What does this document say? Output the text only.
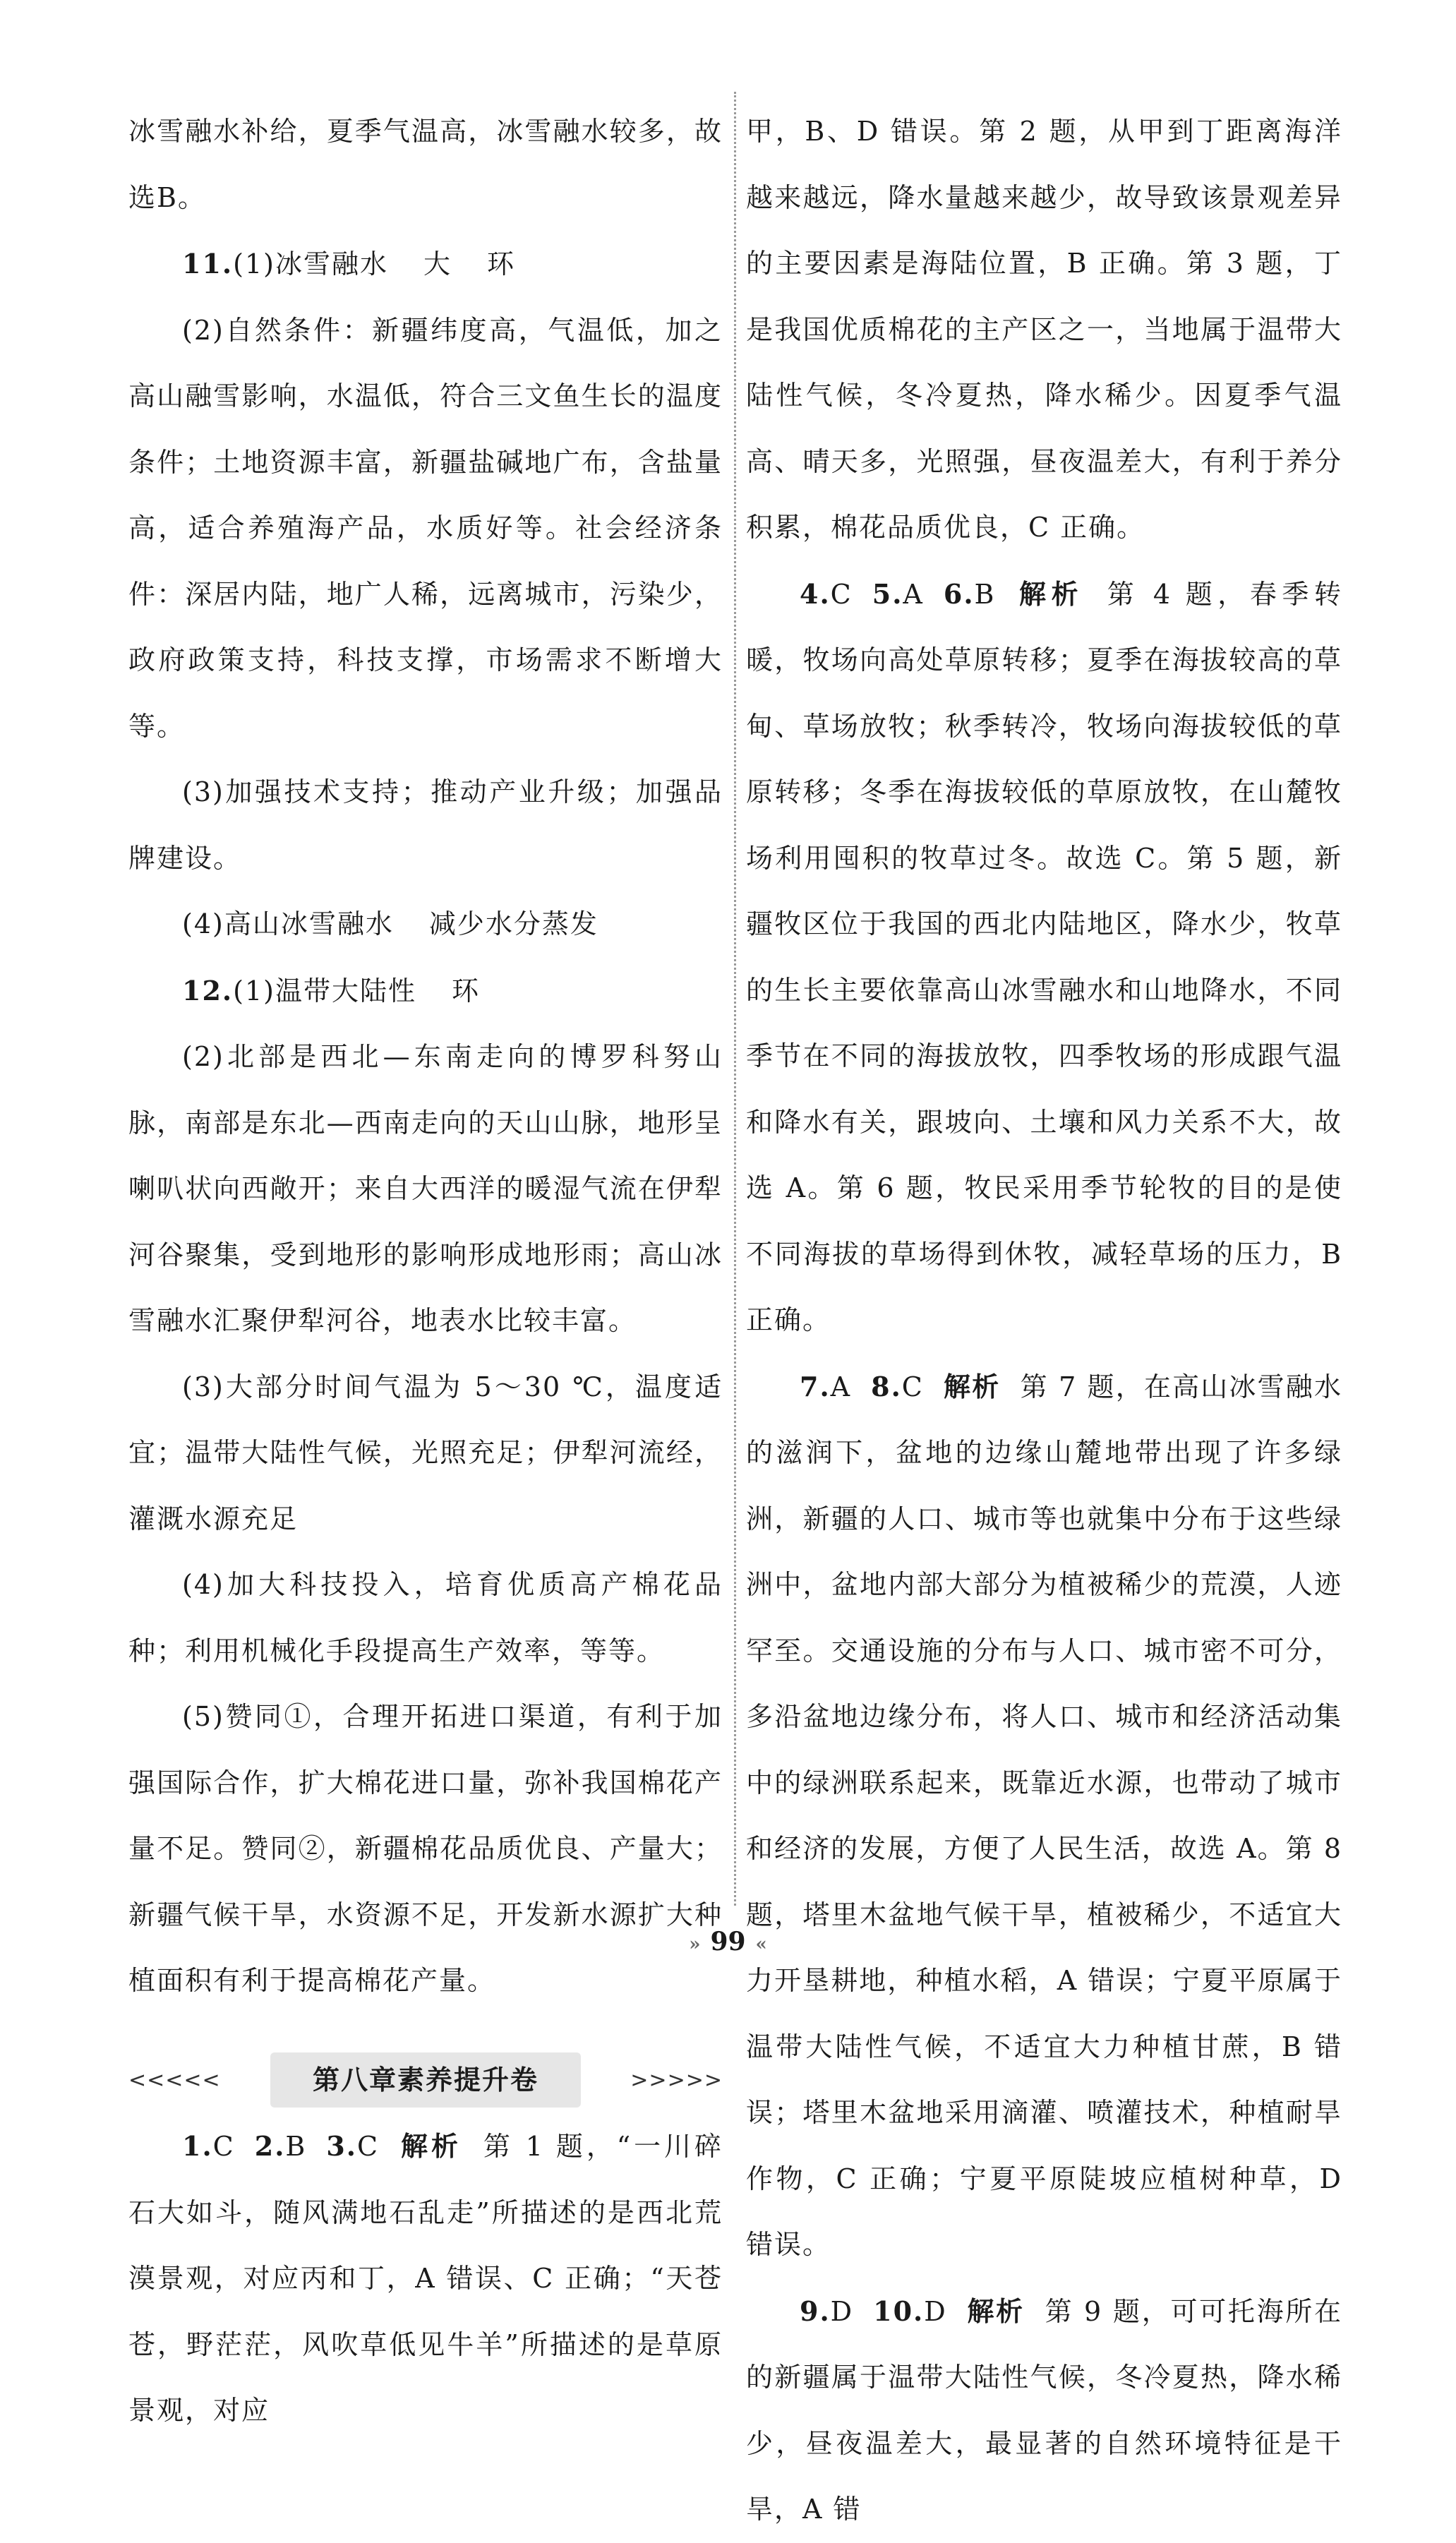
冰雪融水补给，夏季气温高，冰雪融水较多，故选B。

11.(1)冰雪融水 大 环

(2)自然条件：新疆纬度高，气温低，加之高山融雪影响，水温低，符合三文鱼生长的温度条件；土地资源丰富，新疆盐碱地广布，含盐量高，适合养殖海产品，水质好等。社会经济条件：深居内陆，地广人稀，远离城市，污染少，政府政策支持，科技支撑，市场需求不断增大等。

(3)加强技术支持；推动产业升级；加强品牌建设。

(4)高山冰雪融水 减少水分蒸发

12.(1)温带大陆性 环

(2)北部是西北—东南走向的博罗科努山脉，南部是东北—西南走向的天山山脉，地形呈喇叭状向西敞开；来自大西洋的暖湿气流在伊犁河谷聚集，受到地形的影响形成地形雨；高山冰雪融水汇聚伊犁河谷，地表水比较丰富。

(3)大部分时间气温为 5～30 ℃，温度适宜；温带大陆性气候，光照充足；伊犁河流经，灌溉水源充足

(4)加大科技投入，培育优质高产棉花品种；利用机械化手段提高生产效率，等等。

(5)赞同①，合理开拓进口渠道，有利于加强国际合作，扩大棉花进口量，弥补我国棉花产量不足。赞同②，新疆棉花品质优良、产量大；新疆气候干旱，水资源不足，开发新水源扩大种植面积有利于提高棉花产量。

<<<<<	第八章素养提升卷	>>>>>

1.C 2.B 3.C 解析 第 1 题，“一川碎石大如斗，随风满地石乱走”所描述的是西北荒漠景观，对应丙和丁，A 错误、C 正确；“天苍苍，野茫茫，风吹草低见牛羊”所描述的是草原景观，对应

甲，B、D 错误。第 2 题，从甲到丁距离海洋越来越远，降水量越来越少，故导致该景观差异的主要因素是海陆位置，B 正确。第 3 题，丁是我国优质棉花的主产区之一，当地属于温带大陆性气候，冬冷夏热，降水稀少。因夏季气温高、晴天多，光照强，昼夜温差大，有利于养分积累，棉花品质优良，C 正确。

4.C 5.A 6.B 解析 第 4 题，春季转暖，牧场向高处草原转移；夏季在海拔较高的草甸、草场放牧；秋季转冷，牧场向海拔较低的草原转移；冬季在海拔较低的草原放牧，在山麓牧场利用囤积的牧草过冬。故选 C。第 5 题，新疆牧区位于我国的西北内陆地区，降水少，牧草的生长主要依靠高山冰雪融水和山地降水，不同季节在不同的海拔放牧，四季牧场的形成跟气温和降水有关，跟坡向、土壤和风力关系不大，故选 A。第 6 题，牧民采用季节轮牧的目的是使不同海拔的草场得到休牧，减轻草场的压力，B 正确。

7.A 8.C 解析 第 7 题，在高山冰雪融水的滋润下，盆地的边缘山麓地带出现了许多绿洲，新疆的人口、城市等也就集中分布于这些绿洲中，盆地内部大部分为植被稀少的荒漠，人迹罕至。交通设施的分布与人口、城市密不可分，多沿盆地边缘分布，将人口、城市和经济活动集中的绿洲联系起来，既靠近水源，也带动了城市和经济的发展，方便了人民生活，故选 A。第 8 题，塔里木盆地气候干旱，植被稀少，不适宜大力开垦耕地，种植水稻，A 错误；宁夏平原属于温带大陆性气候，不适宜大力种植甘蔗，B 错误；塔里木盆地采用滴灌、喷灌技术，种植耐旱作物，C 正确；宁夏平原陡坡应植树种草，D 错误。

9.D 10.D 解析 第 9 题，可可托海所在的新疆属于温带大陆性气候，冬冷夏热，降水稀少，昼夜温差大，最显著的自然环境特征是干旱，A 错

» 99 «
